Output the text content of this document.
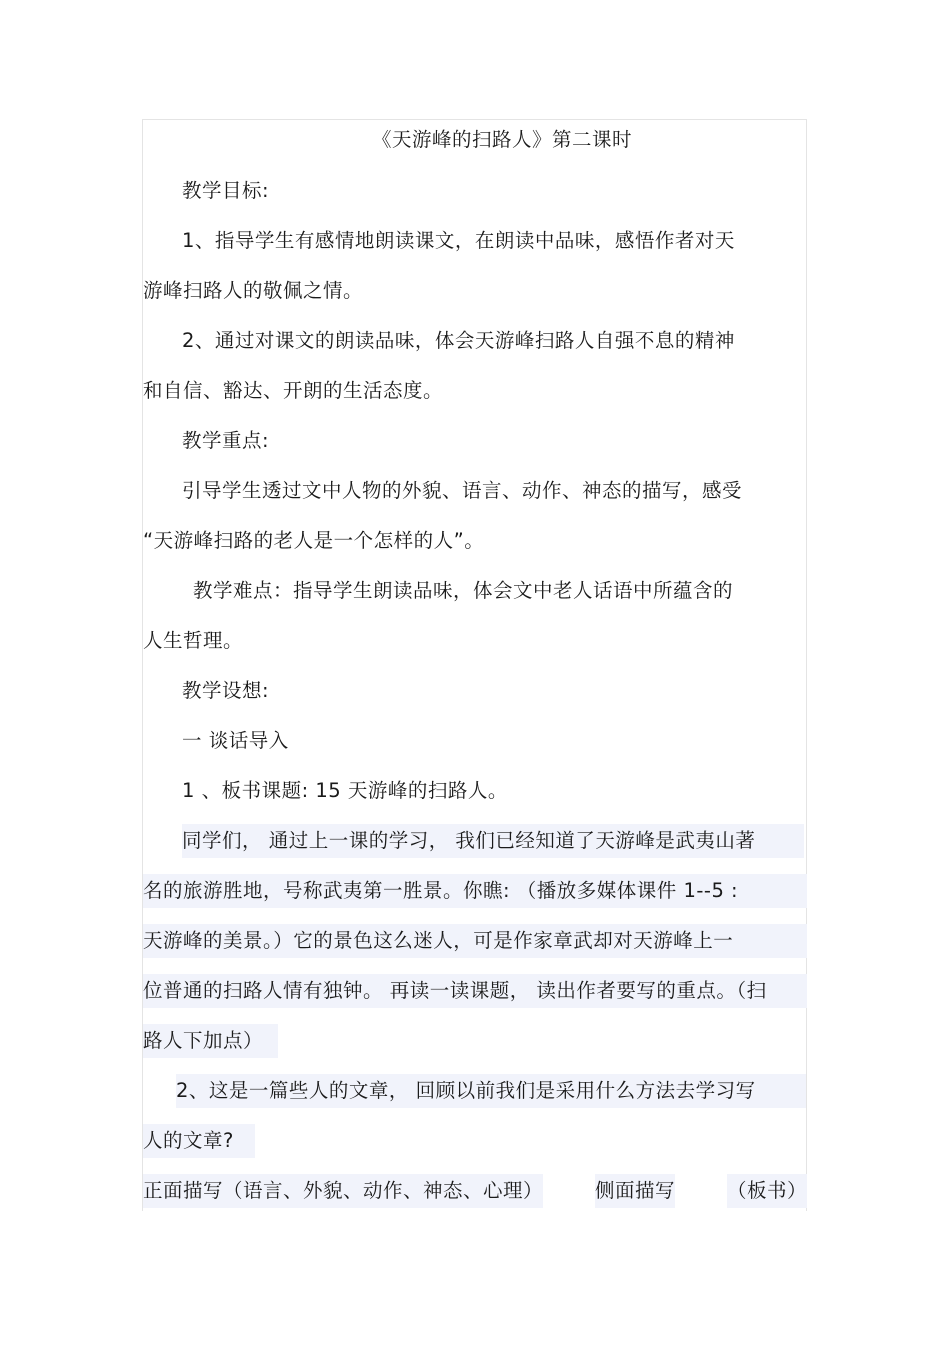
《天游峰的扫路人》第二课时
教学目标:
1、指导学生有感情地朗读课文，在朗读中品味，感悟作者对天
游峰扫路人的敬佩之情。
2、通过对课文的朗读品味，体会天游峰扫路人自强不息的精神
和自信、豁达、开朗的生活态度。
教学重点:
引导学生透过文中人物的外貌、语言、动作、神态的描写，感受
“天游峰扫路的老人是一个怎样的人”。
教学难点：指导学生朗读品味，体会文中老人话语中所蕴含的
人生哲理。
教学设想:
一 谈话导入
1 、板书课题: 15 天游峰的扫路人。
同学们， 通过上一课的学习， 我们已经知道了天游峰是武夷山著
名的旅游胜地，号称武夷第一胜景。你瞧: （播放多媒体课件 1--5 :
天游峰的美景。）它的景色这么迷人，可是作家章武却对天游峰上一
位普通的扫路人情有独钟。 再读一读课题， 读出作者要写的重点。（扫
路人下加点）
2、这是一篇些人的文章， 回顾以前我们是采用什么方法去学习写
人的文章?
正面描写（语言、外貌、动作、神态、心理）	侧面描写	（板书）
